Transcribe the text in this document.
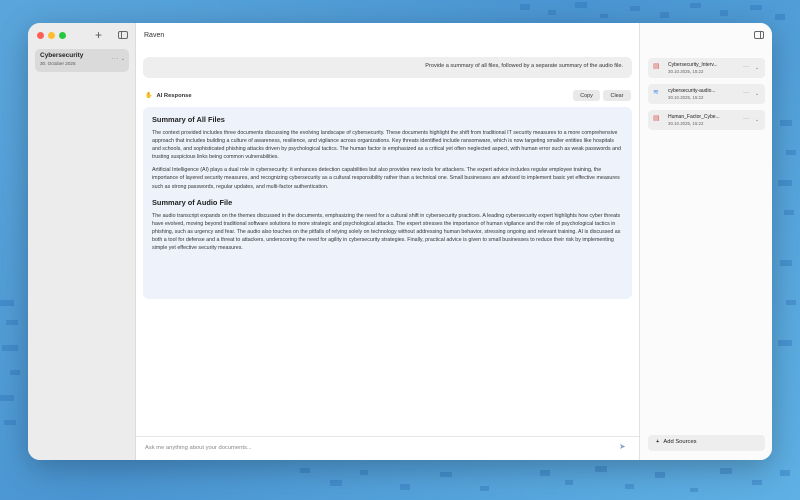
+
Cybersecurity
30. October 2025
··· ⌄
Raven
Provide a summary of all files, followed by a separate summary of the audio file.
✋ AI Response	Copy	Clear
Summary of All Files

The context provided includes three documents discussing the evolving landscape of cybersecurity. These documents highlight the shift from traditional IT security measures to a more comprehensive approach that includes building a culture of awareness, resilience, and vigilance across organizations. Key threats identified include ransomware, which is now targeting smaller entities like hospitals and schools, and sophisticated phishing attacks driven by psychological tactics. The human factor is emphasized as a critical yet often neglected aspect, with human error such as weak passwords and trusting suspicious links being common vulnerabilities.

Artificial Intelligence (AI) plays a dual role in cybersecurity: it enhances detection capabilities but also provides new tools for attackers. The expert advice includes regular employee training, the importance of layered security measures, and recognizing cybersecurity as a cultural responsibility rather than a technical one. Small businesses are advised to implement basic yet effective measures such as strong passwords, regular updates, and multi-factor authentication.

Summary of Audio File

The audio transcript expands on the themes discussed in the documents, emphasizing the need for a cultural shift in cybersecurity practices. A leading cybersecurity expert highlights how cyber threats have evolved, moving beyond traditional software solutions to more strategic and psychological attacks. The expert stresses the importance of human vigilance and the role of psychological tactics in phishing, such as urgency and fear. The audio also touches on the pitfalls of relying solely on technology without addressing human behavior, stressing ongoing and relevant training. AI is discussed as both a tool for defense and a threat to attackers, underscoring the need for agility in cybersecurity strategies. Finally, practical advice is given to small businesses to reduce their risk by implementing simple yet effective security measures.

Ask me anything about your documents...
➤
▤ Cybersecurity_Interv...
30.10.2025, 15:22
··· ⌄
≋ cybersecurity-audio...
30.10.2025, 15:22
··· ⌄
▤ Human_Factor_Cybe...
30.10.2025, 15:22
··· ⌄
+ Add Sources
